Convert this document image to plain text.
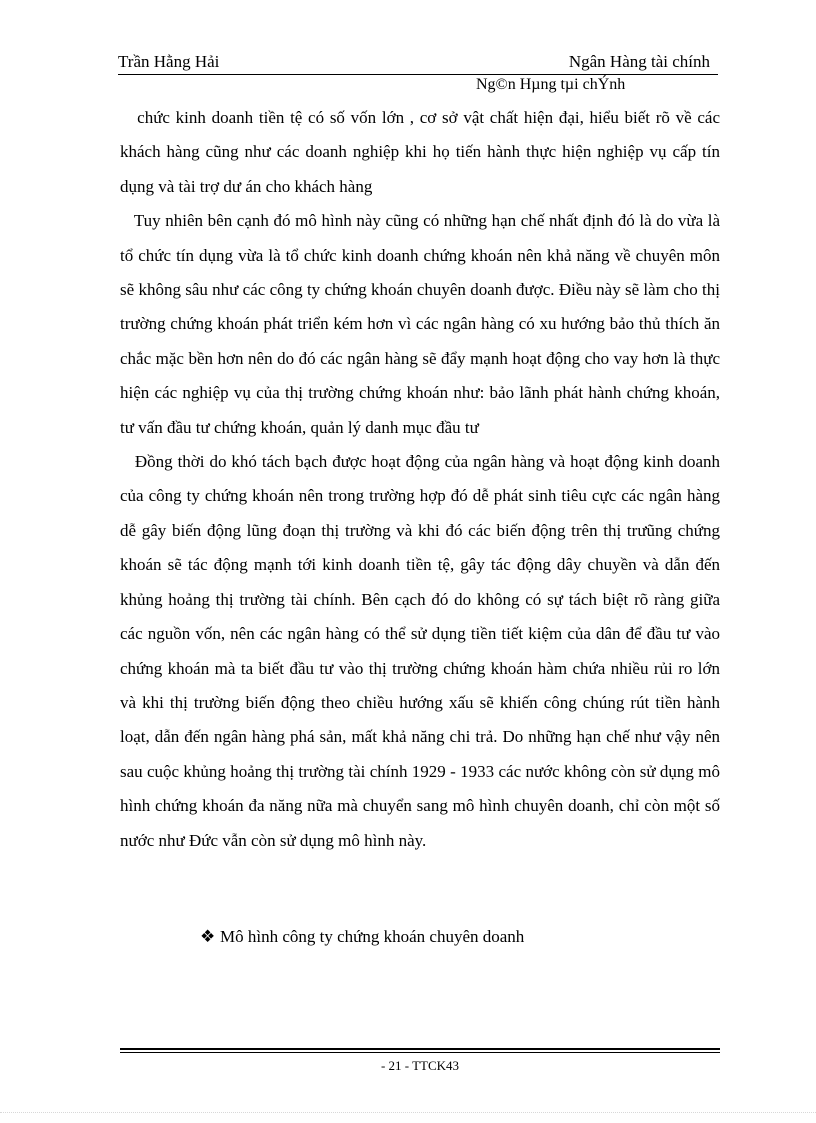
Trần Hằng Hải	Ngân Hàng tài chính
Ng©n Hµng tµi chÝnh

chức kinh doanh tiền tệ có số vốn lớn , cơ sở vật chất hiện đại, hiểu biết rõ về các khách hàng cũng như các doanh nghiệp khi họ tiến hành thực hiện nghiệp vụ cấp tín dụng và tài trợ dư án cho khách hàng

Tuy nhiên bên cạnh đó mô hình này cũng có những hạn chế nhất định đó là do vừa là tổ chức tín dụng vừa là tổ chức kinh doanh chứng khoán nên khả năng về chuyên môn sẽ không sâu như các công ty chứng khoán chuyên doanh được. Điều này sẽ làm cho thị trường chứng khoán phát triển kém hơn vì các ngân hàng có xu hướng bảo thủ thích ăn chắc mặc bền hơn nên do đó các ngân hàng sẽ đẩy mạnh hoạt động cho vay hơn là thực hiện các nghiệp vụ của thị trường chứng khoán như: bảo lãnh phát hành chứng khoán, tư vấn đầu tư chứng khoán, quản lý danh mục đầu tư

Đồng thời do khó tách bạch được hoạt động của ngân hàng và hoạt động kinh doanh của công ty chứng khoán nên trong trường hợp đó dễ phát sinh tiêu cực các ngân hàng dễ gây biến động lũng đoạn thị trường và khi đó các biến động trên thị trưũng chứng khoán sẽ tác động mạnh tới kinh doanh tiền tệ, gây tác động dây chuyền và dẫn đến khủng hoảng thị trường tài chính. Bên cạch đó do không có sự tách biệt rõ ràng giữa các nguồn vốn, nên các ngân hàng có thể sử dụng tiền tiết kiệm của dân để đầu tư vào chứng khoán mà ta biết đầu tư vào thị trường chứng khoán hàm chứa nhiều rủi ro lớn và khi thị trường biến động theo chiều hướng xấu sẽ khiến công chúng rút tiền hành loạt, dẫn đến ngân hàng phá sản, mất khả năng chi trả. Do những hạn chế như vậy nên sau cuộc khủng hoảng thị trường tài chính 1929 - 1933 các nước không còn sử dụng mô hình chứng khoán đa năng nữa mà chuyển sang mô hình chuyên doanh, chỉ còn một số nước như Đức vẫn còn sử dụng mô hình này.

❖ Mô hình công ty chứng khoán chuyên doanh
- 21 - TTCK43
